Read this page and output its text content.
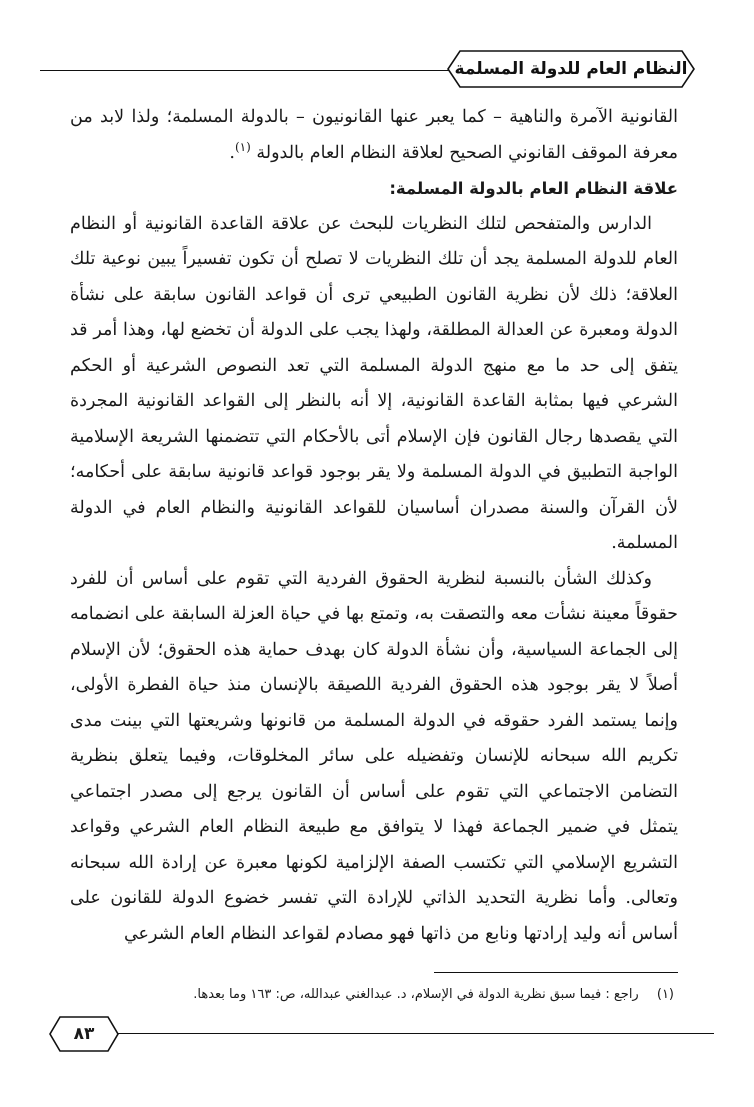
النظام العام للدولة المسلمة

القانونية الآمرة والناهية – كما يعبر عنها القانونيون – بالدولة المسلمة؛ ولذا لابد من معرفة الموقف القانوني الصحيح لعلاقة النظام العام بالدولة $^{(١)}$.

علاقة النظام العام بالدولة المسلمة:

الدارس والمتفحص لتلك النظريات للبحث عن علاقة القاعدة القانونية أو النظام العام للدولة المسلمة يجد أن تلك النظريات لا تصلح أن تكون تفسيراً يبين نوعية تلك العلاقة؛ ذلك لأن نظرية القانون الطبيعي ترى أن قواعد القانون سابقة على نشأة الدولة ومعبرة عن العدالة المطلقة، ولهذا يجب على الدولة أن تخضع لها، وهذا أمر قد يتفق إلى حد ما مع منهج الدولة المسلمة التي تعد النصوص الشرعية أو الحكم الشرعي فيها بمثابة القاعدة القانونية، إلا أنه بالنظر إلى القواعد القانونية المجردة التي يقصدها رجال القانون فإن الإسلام أتى بالأحكام التي تتضمنها الشريعة الإسلامية الواجبة التطبيق في الدولة المسلمة ولا يقر بوجود قواعد قانونية سابقة على أحكامه؛ لأن القرآن والسنة مصدران أساسيان للقواعد القانونية والنظام العام في الدولة المسلمة.

وكذلك الشأن بالنسبة لنظرية الحقوق الفردية التي تقوم على أساس أن للفرد حقوقاً معينة نشأت معه والتصقت به، وتمتع بها في حياة العزلة السابقة على انضمامه إلى الجماعة السياسية، وأن نشأة الدولة كان بهدف حماية هذه الحقوق؛ لأن الإسلام أصلاً لا يقر بوجود هذه الحقوق الفردية اللصيقة بالإنسان منذ حياة الفطرة الأولى، وإنما يستمد الفرد حقوقه في الدولة المسلمة من قانونها وشريعتها التي بينت مدى تكريم الله سبحانه للإنسان وتفضيله على سائر المخلوقات، وفيما يتعلق بنظرية التضامن الاجتماعي التي تقوم على أساس أن القانون يرجع إلى مصدر اجتماعي يتمثل في ضمير الجماعة فهذا لا يتوافق مع طبيعة النظام العام الشرعي وقواعد التشريع الإسلامي التي تكتسب الصفة الإلزامية لكونها معبرة عن إرادة الله سبحانه وتعالى. وأما نظرية التحديد الذاتي للإرادة التي تفسر خضوع الدولة للقانون على أساس أنه وليد إرادتها ونابع من ذاتها فهو مصادم لقواعد النظام العام الشرعي

(١) راجع : فيما سبق نظرية الدولة في الإسلام، د. عبدالغني عبدالله، ص: ١٦٣ وما بعدها.
٨٣
